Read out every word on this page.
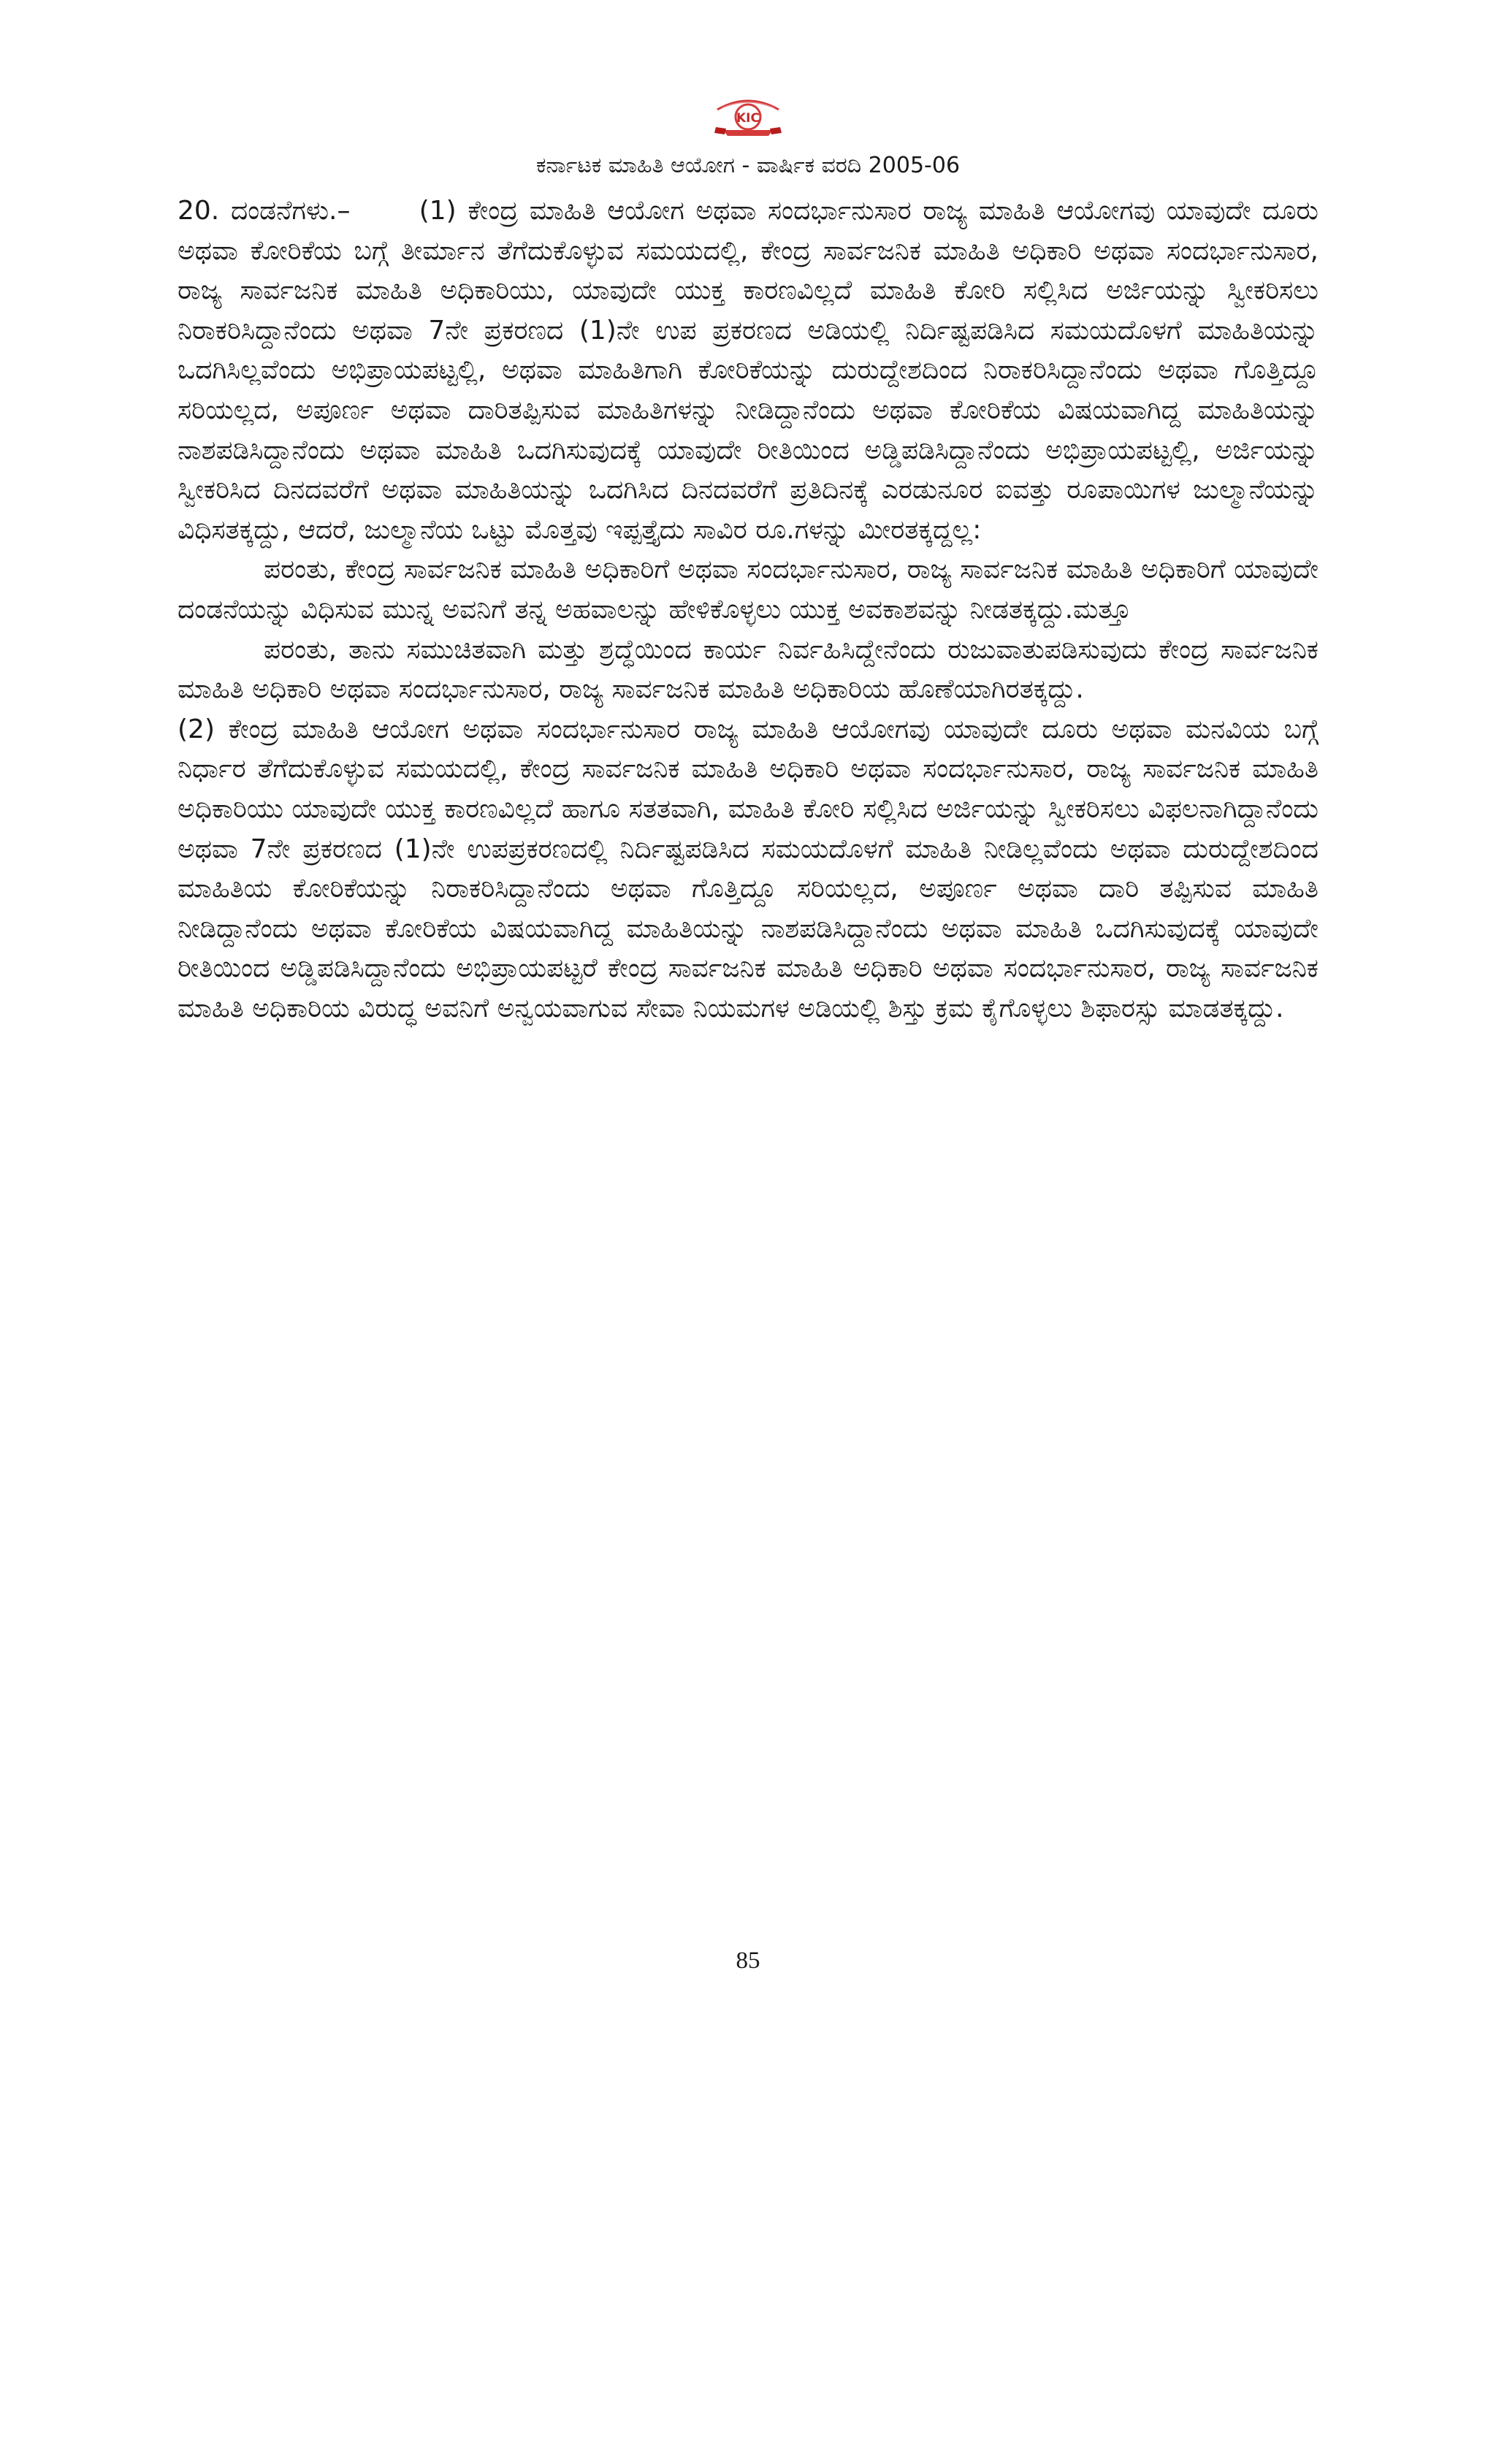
KIC
ಕರ್ನಾಟಕ ಮಾಹಿತಿ ಆಯೋಗ - ವಾರ್ಷಿಕ ವರದಿ 2005-06

20. ದಂಡನೆಗಳು.–	(1) ಕೇಂದ್ರ ಮಾಹಿತಿ ಆಯೋಗ ಅಥವಾ ಸಂದರ್ಭಾನುಸಾರ ರಾಜ್ಯ ಮಾಹಿತಿ ಆಯೋಗವು ಯಾವುದೇ ದೂರು ಅಥವಾ ಕೋರಿಕೆಯ ಬಗ್ಗೆ ತೀರ್ಮಾನ ತೆಗೆದುಕೊಳ್ಳುವ ಸಮಯದಲ್ಲಿ, ಕೇಂದ್ರ ಸಾರ್ವಜನಿಕ ಮಾಹಿತಿ ಅಧಿಕಾರಿ ಅಥವಾ ಸಂದರ್ಭಾನುಸಾರ, ರಾಜ್ಯ ಸಾರ್ವಜನಿಕ ಮಾಹಿತಿ ಅಧಿಕಾರಿಯು, ಯಾವುದೇ ಯುಕ್ತ ಕಾರಣವಿಲ್ಲದೆ ಮಾಹಿತಿ ಕೋರಿ ಸಲ್ಲಿಸಿದ ಅರ್ಜಿಯನ್ನು ಸ್ವೀಕರಿಸಲು ನಿರಾಕರಿಸಿದ್ದಾನೆಂದು ಅಥವಾ 7ನೇ ಪ್ರಕರಣದ (1)ನೇ ಉಪ ಪ್ರಕರಣದ ಅಡಿಯಲ್ಲಿ ನಿರ್ದಿಷ್ಟಪಡಿಸಿದ ಸಮಯದೊಳಗೆ ಮಾಹಿತಿಯನ್ನು ಒದಗಿಸಿಲ್ಲವೆಂದು ಅಭಿಪ್ರಾಯಪಟ್ಟಲ್ಲಿ, ಅಥವಾ ಮಾಹಿತಿಗಾಗಿ ಕೋರಿಕೆಯನ್ನು ದುರುದ್ದೇಶದಿಂದ ನಿರಾಕರಿಸಿದ್ದಾನೆಂದು ಅಥವಾ ಗೊತ್ತಿದ್ದೂ ಸರಿಯಲ್ಲದ, ಅಪೂರ್ಣ ಅಥವಾ ದಾರಿತಪ್ಪಿಸುವ ಮಾಹಿತಿಗಳನ್ನು ನೀಡಿದ್ದಾನೆಂದು ಅಥವಾ ಕೋರಿಕೆಯ ವಿಷಯವಾಗಿದ್ದ ಮಾಹಿತಿಯನ್ನು ನಾಶಪಡಿಸಿದ್ದಾನೆಂದು ಅಥವಾ ಮಾಹಿತಿ ಒದಗಿಸುವುದಕ್ಕೆ ಯಾವುದೇ ರೀತಿಯಿಂದ ಅಡ್ಡಿಪಡಿಸಿದ್ದಾನೆಂದು ಅಭಿಪ್ರಾಯಪಟ್ಟಲ್ಲಿ, ಅರ್ಜಿಯನ್ನು ಸ್ವೀಕರಿಸಿದ ದಿನದವರೆಗೆ ಅಥವಾ ಮಾಹಿತಿಯನ್ನು ಒದಗಿಸಿದ ದಿನದವರೆಗೆ ಪ್ರತಿದಿನಕ್ಕೆ ಎರಡುನೂರ ಐವತ್ತು ರೂಪಾಯಿಗಳ ಜುಲ್ಮಾನೆಯನ್ನು ವಿಧಿಸತಕ್ಕದ್ದು, ಆದರೆ, ಜುಲ್ಮಾನೆಯ ಒಟ್ಟು ಮೊತ್ತವು ಇಪ್ಪತ್ತೈದು ಸಾವಿರ ರೂ.ಗಳನ್ನು ಮೀರತಕ್ಕದ್ದಲ್ಲ:

ಪರಂತು, ಕೇಂದ್ರ ಸಾರ್ವಜನಿಕ ಮಾಹಿತಿ ಅಧಿಕಾರಿಗೆ ಅಥವಾ ಸಂದರ್ಭಾನುಸಾರ, ರಾಜ್ಯ ಸಾರ್ವಜನಿಕ ಮಾಹಿತಿ ಅಧಿಕಾರಿಗೆ ಯಾವುದೇ ದಂಡನೆಯನ್ನು ವಿಧಿಸುವ ಮುನ್ನ ಅವನಿಗೆ ತನ್ನ ಅಹವಾಲನ್ನು ಹೇಳಿಕೊಳ್ಳಲು ಯುಕ್ತ ಅವಕಾಶವನ್ನು ನೀಡತಕ್ಕದ್ದು.ಮತ್ತೂ

ಪರಂತು, ತಾನು ಸಮುಚಿತವಾಗಿ ಮತ್ತು ಶ್ರದ್ಧೆಯಿಂದ ಕಾರ್ಯ ನಿರ್ವಹಿಸಿದ್ದೇನೆಂದು ರುಜುವಾತುಪಡಿಸುವುದು ಕೇಂದ್ರ ಸಾರ್ವಜನಿಕ ಮಾಹಿತಿ ಅಧಿಕಾರಿ ಅಥವಾ ಸಂದರ್ಭಾನುಸಾರ, ರಾಜ್ಯ ಸಾರ್ವಜನಿಕ ಮಾಹಿತಿ ಅಧಿಕಾರಿಯ ಹೊಣೆಯಾಗಿರತಕ್ಕದ್ದು.

(2) ಕೇಂದ್ರ ಮಾಹಿತಿ ಆಯೋಗ ಅಥವಾ ಸಂದರ್ಭಾನುಸಾರ ರಾಜ್ಯ ಮಾಹಿತಿ ಆಯೋಗವು ಯಾವುದೇ ದೂರು ಅಥವಾ ಮನವಿಯ ಬಗ್ಗೆ ನಿರ್ಧಾರ ತೆಗೆದುಕೊಳ್ಳುವ ಸಮಯದಲ್ಲಿ, ಕೇಂದ್ರ ಸಾರ್ವಜನಿಕ ಮಾಹಿತಿ ಅಧಿಕಾರಿ ಅಥವಾ ಸಂದರ್ಭಾನುಸಾರ, ರಾಜ್ಯ ಸಾರ್ವಜನಿಕ ಮಾಹಿತಿ ಅಧಿಕಾರಿಯು ಯಾವುದೇ ಯುಕ್ತ ಕಾರಣವಿಲ್ಲದೆ ಹಾಗೂ ಸತತವಾಗಿ, ಮಾಹಿತಿ ಕೋರಿ ಸಲ್ಲಿಸಿದ ಅರ್ಜಿಯನ್ನು ಸ್ವೀಕರಿಸಲು ವಿಫಲನಾಗಿದ್ದಾನೆಂದು ಅಥವಾ 7ನೇ ಪ್ರಕರಣದ (1)ನೇ ಉಪಪ್ರಕರಣದಲ್ಲಿ ನಿರ್ದಿಷ್ಟಪಡಿಸಿದ ಸಮಯದೊಳಗೆ ಮಾಹಿತಿ ನೀಡಿಲ್ಲವೆಂದು ಅಥವಾ ದುರುದ್ದೇಶದಿಂದ ಮಾಹಿತಿಯ ಕೋರಿಕೆಯನ್ನು ನಿರಾಕರಿಸಿದ್ದಾನೆಂದು ಅಥವಾ ಗೊತ್ತಿದ್ದೂ ಸರಿಯಲ್ಲದ, ಅಪೂರ್ಣ ಅಥವಾ ದಾರಿ ತಪ್ಪಿಸುವ ಮಾಹಿತಿ ನೀಡಿದ್ದಾನೆಂದು ಅಥವಾ ಕೋರಿಕೆಯ ವಿಷಯವಾಗಿದ್ದ ಮಾಹಿತಿಯನ್ನು ನಾಶಪಡಿಸಿದ್ದಾನೆಂದು ಅಥವಾ ಮಾಹಿತಿ ಒದಗಿಸುವುದಕ್ಕೆ ಯಾವುದೇ ರೀತಿಯಿಂದ ಅಡ್ಡಿಪಡಿಸಿದ್ದಾನೆಂದು ಅಭಿಪ್ರಾಯಪಟ್ಟರೆ ಕೇಂದ್ರ ಸಾರ್ವಜನಿಕ ಮಾಹಿತಿ ಅಧಿಕಾರಿ ಅಥವಾ ಸಂದರ್ಭಾನುಸಾರ, ರಾಜ್ಯ ಸಾರ್ವಜನಿಕ ಮಾಹಿತಿ ಅಧಿಕಾರಿಯ ವಿರುದ್ಧ ಅವನಿಗೆ ಅನ್ವಯವಾಗುವ ಸೇವಾ ನಿಯಮಗಳ ಅಡಿಯಲ್ಲಿ ಶಿಸ್ತು ಕ್ರಮ ಕೈಗೊಳ್ಳಲು ಶಿಫಾರಸ್ಸು ಮಾಡತಕ್ಕದ್ದು.

85
